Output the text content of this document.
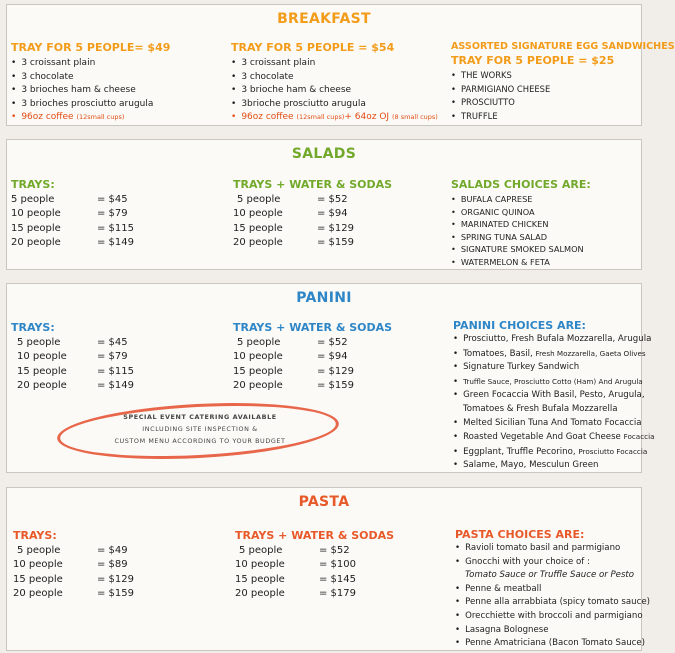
BREAKFAST
TRAY FOR 5 PEOPLE= $49
• 3 croissant plain
• 3 chocolate
• 3 brioches ham & cheese
• 3 brioches prosciutto arugula
• 96oz coffee (12small cups)
TRAY FOR 5 PEOPLE = $54
• 3 croissant plain
• 3 chocolate
• 3 brioche ham & cheese
• 3brioche prosciutto arugula
• 96oz coffee (12small cups)+ 64oz OJ (8 small cups)
ASSORTED SIGNATURE EGG SANDWICHES
TRAY FOR 5 PEOPLE = $25
• THE WORKS
• PARMIGIANO CHEESE
• PROSCIUTTO
• TRUFFLE
SALADS
TRAYS:
5 people	= $45
10 people	= $79
15 people	= $115
20 people	= $149
TRAYS + WATER & SODAS
5 people	= $52
10 people	= $94
15 people	= $129
20 people	= $159
SALADS CHOICES ARE:
• BUFALA CAPRESE
• ORGANIC QUINOA
• MARINATED CHICKEN
• SPRING TUNA SALAD
• SIGNATURE SMOKED SALMON
• WATERMELON & FETA
PANINI
TRAYS:
5 people	= $45
10 people	= $79
15 people	= $115
20 people	= $149
TRAYS + WATER & SODAS
5 people	= $52
10 people	= $94
15 people	= $129
20 people	= $159
PANINI CHOICES ARE:
• Prosciutto, Fresh Bufala Mozzarella, Arugula
• Tomatoes, Basil, Fresh Mozzarella, Gaeta Olives
• Signature Turkey Sandwich
• Truffle Sauce, Prosciutto Cotto (Ham) And Arugula
• Green Focaccia With Basil, Pesto, Arugula,
Tomatoes & Fresh Bufala Mozzarella
• Melted Sicilian Tuna And Tomato Focaccia
• Roasted Vegetable And Goat Cheese Focaccia
• Eggplant, Truffle Pecorino, Prosciutto Focaccia
• Salame, Mayo, Mesculun Green
SPECIAL EVENT CATERING AVAILABLE
INCLUDING SITE INSPECTION &
CUSTOM MENU ACCORDING TO YOUR BUDGET
PASTA
TRAYS:
5 people	= $49
10 people	= $89
15 people	= $129
20 people	= $159
TRAYS + WATER & SODAS
5 people	= $52
10 people	= $100
15 people	= $145
20 people	= $179
PASTA CHOICES ARE:
• Ravioli tomato basil and parmigiano
• Gnocchi with your choice of :
Tomato Sauce or Truffle Sauce or Pesto
• Penne & meatball
• Penne alla arrabbiata (spicy tomato sauce)
• Orecchiette with broccoli and parmigiano
• Lasagna Bolognese
• Penne Amatriciana (Bacon Tomato Sauce)
